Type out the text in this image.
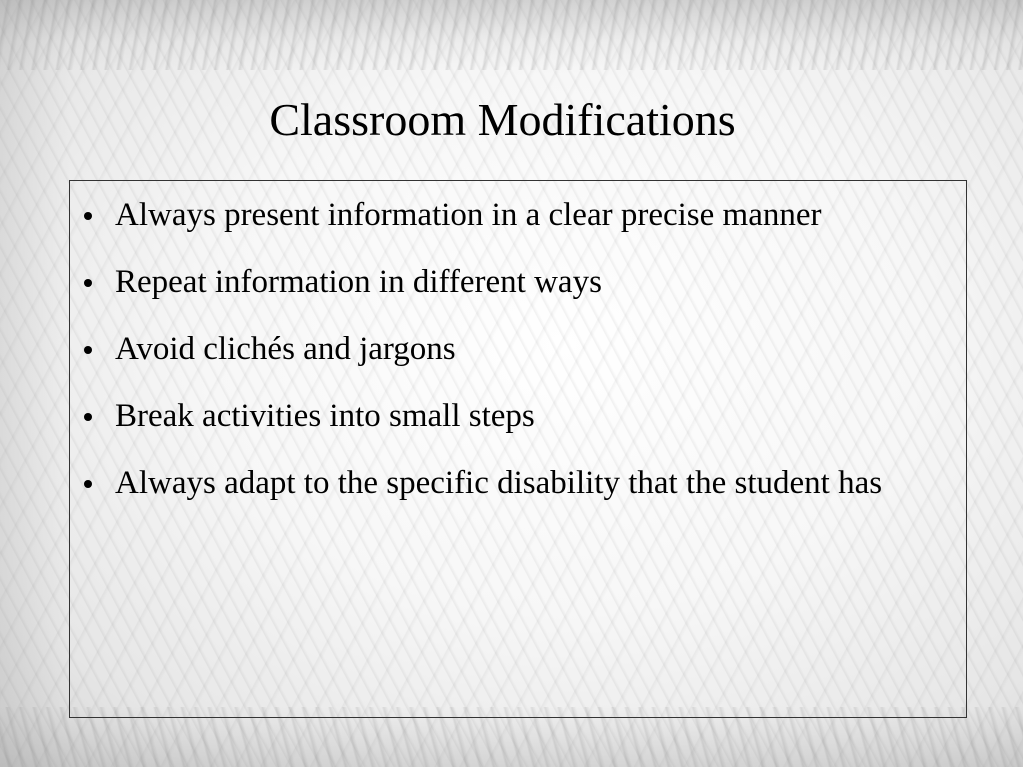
Classroom Modifications
Always present information in a clear precise manner
Repeat information in different ways
Avoid clichés and jargons
Break activities into small steps
Always adapt to the specific disability that the student has
